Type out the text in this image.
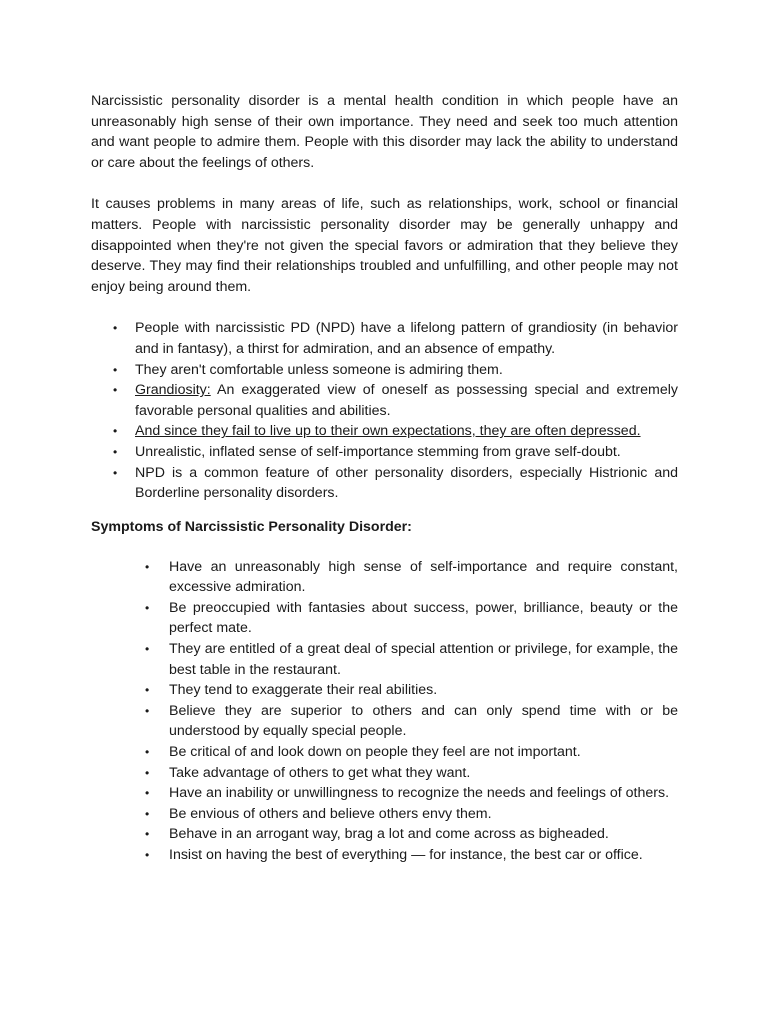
Narcissistic personality disorder is a mental health condition in which people have an unreasonably high sense of their own importance. They need and seek too much attention and want people to admire them. People with this disorder may lack the ability to understand or care about the feelings of others.

It causes problems in many areas of life, such as relationships, work, school or financial matters. People with narcissistic personality disorder may be generally unhappy and disappointed when they're not given the special favors or admiration that they believe they deserve. They may find their relationships troubled and unfulfilling, and other people may not enjoy being around them.

• People with narcissistic PD (NPD) have a lifelong pattern of grandiosity (in behavior and in fantasy), a thirst for admiration, and an absence of empathy.
• They aren't comfortable unless someone is admiring them.
• Grandiosity: An exaggerated view of oneself as possessing special and extremely favorable personal qualities and abilities.
• And since they fail to live up to their own expectations, they are often depressed.
• Unrealistic, inflated sense of self-importance stemming from grave self-doubt.
• NPD is a common feature of other personality disorders, especially Histrionic and Borderline personality disorders.
Symptoms of Narcissistic Personality Disorder:
• Have an unreasonably high sense of self-importance and require constant, excessive admiration.
• Be preoccupied with fantasies about success, power, brilliance, beauty or the perfect mate.
• They are entitled of a great deal of special attention or privilege, for example, the best table in the restaurant.
• They tend to exaggerate their real abilities.
• Believe they are superior to others and can only spend time with or be understood by equally special people.
• Be critical of and look down on people they feel are not important.
• Take advantage of others to get what they want.
• Have an inability or unwillingness to recognize the needs and feelings of others.
• Be envious of others and believe others envy them.
• Behave in an arrogant way, brag a lot and come across as bigheaded.
• Insist on having the best of everything — for instance, the best car or office.
